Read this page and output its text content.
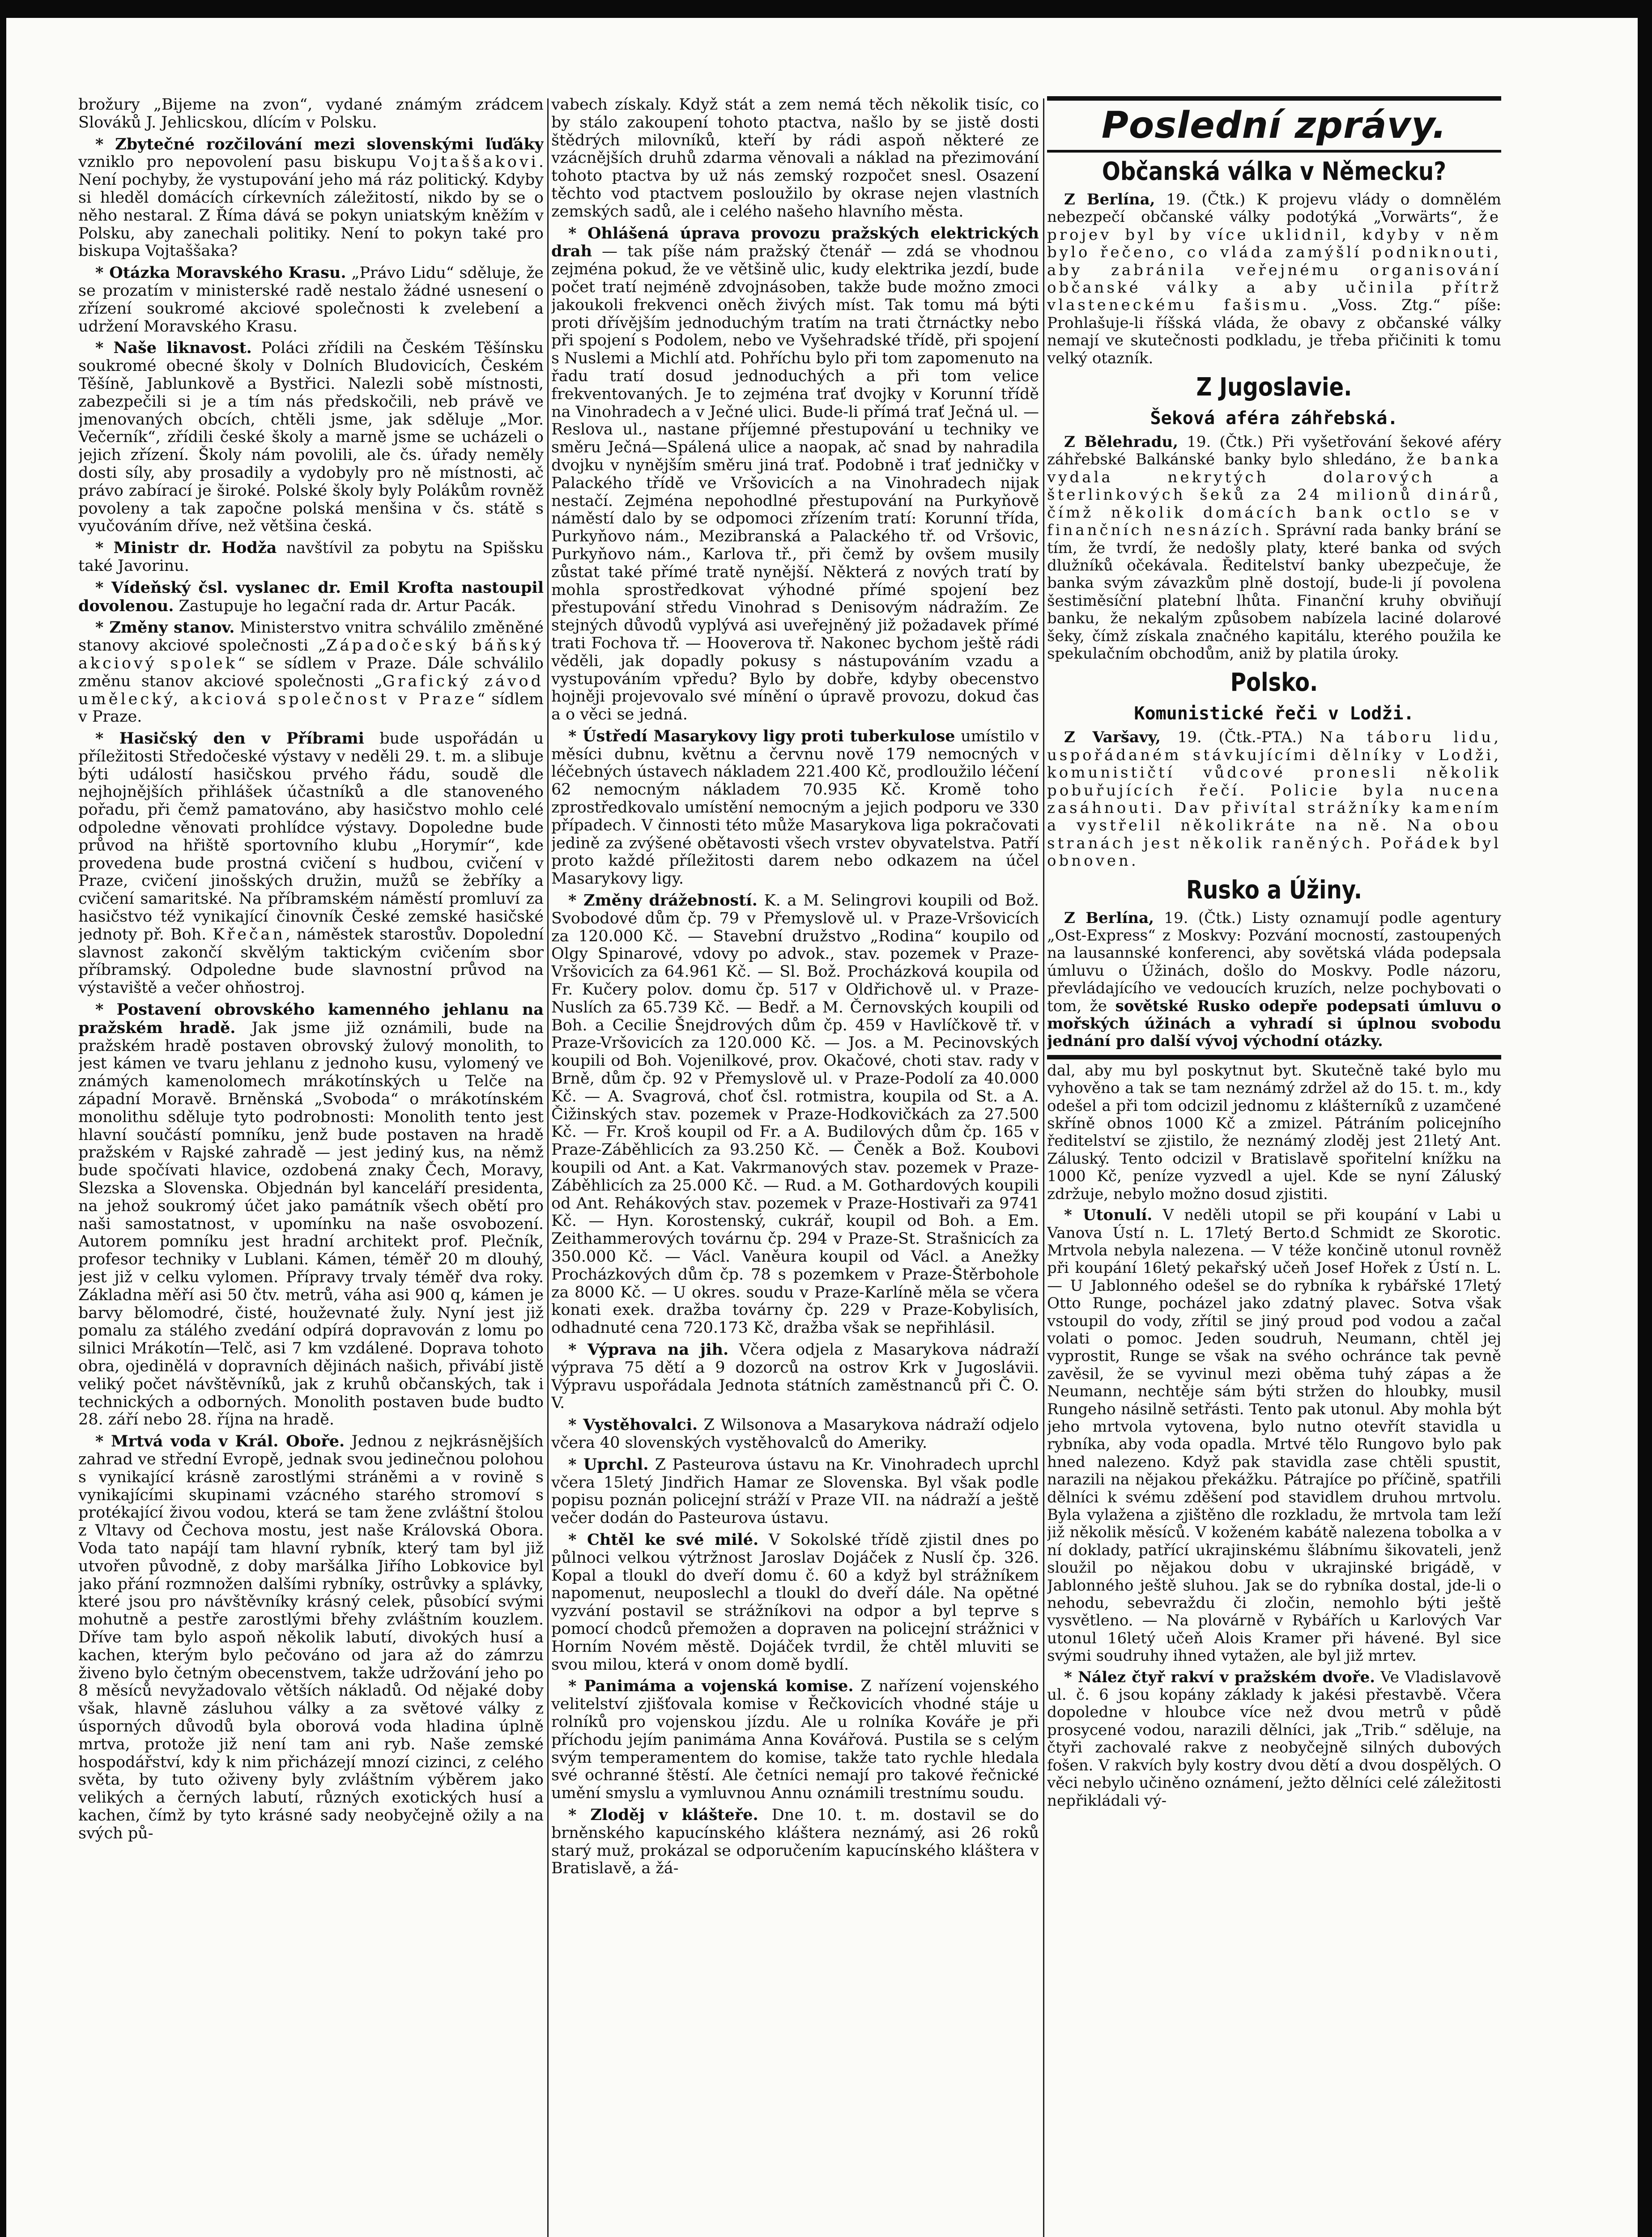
brožury „Bijeme na zvon“, vydané známým zrádcem Slováků J. Jehlicskou, dlícím v Polsku.

* Zbytečné rozčilování mezi slovenskými ľuďáky vzniklo pro nepovolení pasu biskupu Vojtaššakovi. Není pochyby, že vystupování jeho má ráz politický. Kdyby si hleděl domácích církevních záležitostí, nikdo by se o něho nestaral. Z Říma dává se pokyn uniatským kněžím v Polsku, aby zanechali politiky. Není to pokyn také pro biskupa Vojtaššaka?

* Otázka Moravského Krasu. „Právo Lidu“ sděluje, že se prozatím v ministerské radě nestalo žádné usnesení o zřízení soukromé akciové společnosti k zvelebení a udržení Moravského Krasu.

* Naše liknavost. Poláci zřídili na Českém Těšínsku soukromé obecné školy v Dolních Bludovicích, Českém Těšíně, Jablunkově a Bystřici. Nalezli sobě místnosti, zabezpečili si je a tím nás předskočili, neb právě ve jmenovaných obcích, chtěli jsme, jak sděluje „Mor. Večerník“, zřídili české školy a marně jsme se ucházeli o jejich zřízení. Školy nám povolili, ale čs. úřady neměly dosti síly, aby prosadily a vydobyly pro ně místnosti, ač právo zabírací je široké. Polské školy byly Polákům rovněž povoleny a tak započne polská menšina v čs. státě s vyučováním dříve, než většina česká.

* Ministr dr. Hodža navštívil za pobytu na Spišsku také Javorinu.

* Vídeňský čsl. vyslanec dr. Emil Krofta nastoupil dovolenou. Zastupuje ho legační rada dr. Artur Pacák.

* Změny stanov. Ministerstvo vnitra schválilo změněné stanovy akciové společnosti „Západočeský báňský akciový spolek“ se sídlem v Praze. Dále schválilo změnu stanov akciové společnosti „Grafický závod umělecký, akciová společnost v Praze“ sídlem v Praze.

* Hasičský den v Příbrami bude uspořádán u příležitosti Středočeské výstavy v neděli 29. t. m. a slibuje býti událostí hasičskou prvého řádu, soudě dle nejhojnějších přihlášek účastníků a dle stanoveného pořadu, při čemž pamatováno, aby hasičstvo mohlo celé odpoledne věnovati prohlídce výstavy. Dopoledne bude průvod na hřiště sportovního klubu „Horymír“, kde provedena bude prostná cvičení s hudbou, cvičení v Praze, cvičení jinošských družin, mužů se žebříky a cvičení samaritské. Na příbramském náměstí promluví za hasičstvo též vynikající činovník České zemské hasičské jednoty př. Boh. Křečan, náměstek starostův. Dopolední slavnost zakončí skvělým taktickým cvičením sbor příbramský. Odpoledne bude slavnostní průvod na výstaviště a večer ohňostroj.

* Postavení obrovského kamenného jehlanu na pražském hradě. Jak jsme již oznámili, bude na pražském hradě postaven obrovský žulový monolith, to jest kámen ve tvaru jehlanu z jednoho kusu, vylomený ve známých kamenolomech mrákotínských u Telče na západní Moravě. Brněnská „Svoboda“ o mrákotínském monolithu sděluje tyto podrobnosti: Monolith tento jest hlavní součástí pomníku, jenž bude postaven na hradě pražském v Rajské zahradě — jest jediný kus, na němž bude spočívati hlavice, ozdobená znaky Čech, Moravy, Slezska a Slovenska. Objednán byl kanceláří presidenta, na jehož soukromý účet jako památník všech obětí pro naši samostatnost, v upomínku na naše osvobození. Autorem pomníku jest hradní architekt prof. Plečník, profesor techniky v Lublani. Kámen, téměř 20 m dlouhý, jest již v celku vylomen. Přípravy trvaly téměř dva roky. Základna měří asi 50 čtv. metrů, váha asi 900 q, kámen je barvy bělomodré, čisté, houževnaté žuly. Nyní jest již pomalu za stálého zvedání odpírá dopravován z lomu po silnici Mrákotín—Telč, asi 7 km vzdálené. Doprava tohoto obra, ojedinělá v dopravních dějinách našich, přivábí jistě veliký počet návštěvníků, jak z kruhů občanských, tak i technických a odborných. Monolith postaven bude budto 28. září nebo 28. října na hradě.

* Mrtvá voda v Král. Oboře. Jednou z nejkrásnějších zahrad ve střední Evropě, jednak svou jedinečnou polohou s vynikající krásně zarostlými stráněmi a v rovině s vynikajícími skupinami vzácného starého stromoví s protékající živou vodou, která se tam žene zvláštní štolou z Vltavy od Čechova mostu, jest naše Královská Obora. Voda tato napájí tam hlavní rybník, který tam byl již utvořen původně, z doby maršálka Jiřího Lobkovice byl jako přání rozmnožen dalšími rybníky, ostrůvky a splávky, které jsou pro návštěvníky krásný celek, působící svými mohutně a pestře zarostlými břehy zvláštním kouzlem. Dříve tam bylo aspoň několik labutí, divokých husí a kachen, kterým bylo pečováno od jara až do zámrzu živeno bylo četným obecenstvem, takže udržování jeho po 8 měsíců nevyžadovalo větších nákladů. Od nějaké doby však, hlavně zásluhou války a za světové války z úsporných důvodů byla oborová voda hladina úplně mrtva, protože již není tam ani ryb. Naše zemské hospodářství, kdy k nim přicházejí mnozí cizinci, z celého světa, by tuto oživeny byly zvláštním výběrem jako velikých a černých labutí, různých exotických husí a kachen, čímž by tyto krásné sady neobyčejně ožily a na svých pů-

vabech získaly. Když stát a zem nemá těch několik tisíc, co by stálo zakoupení tohoto ptactva, našlo by se jistě dosti štědrých milovníků, kteří by rádi aspoň některé ze vzácnějších druhů zdarma věnovali a náklad na přezimování tohoto ptactva by už nás zemský rozpočet snesl. Osazení těchto vod ptactvem posloužilo by okrase nejen vlastních zemských sadů, ale i celého našeho hlavního města.

* Ohlášená úprava provozu pražských elektrických drah — tak píše nám pražský čtenář — zdá se vhodnou zejména pokud, že ve většině ulic, kudy elektrika jezdí, bude počet tratí nejméně zdvojnásoben, takže bude možno zmoci jakoukoli frekvenci oněch živých míst. Tak tomu má býti proti dřívějším jednoduchým tratím na trati čtrnáctky nebo při spojení s Podolem, nebo ve Vyšehradské třídě, při spojení s Nuslemi a Michlí atd. Pohříchu bylo při tom zapomenuto na řadu tratí dosud jednoduchých a při tom velice frekventovaných. Je to zejména trať dvojky v Korunní třídě na Vinohradech a v Ječné ulici. Bude-li přímá trať Ječná ul. — Reslova ul., nastane příjemné přestupování u techniky ve směru Ječná—Spálená ulice a naopak, ač snad by nahradila dvojku v nynějším směru jiná trať. Podobně i trať jedničky v Palackého třídě ve Vršovicích a na Vinohradech nijak nestačí. Zejména nepohodlné přestupování na Purkyňově náměstí dalo by se odpomoci zřízením tratí: Korunní třída, Purkyňovo nám., Mezibranská a Palackého tř. od Vršovic, Purkyňovo nám., Karlova tř., při čemž by ovšem musily zůstat také přímé tratě nynější. Některá z nových tratí by mohla sprostředkovat výhodné přímé spojení bez přestupování středu Vinohrad s Denisovým nádražím. Ze stejných důvodů vyplývá asi uveřejněný již požadavek přímé trati Fochova tř. — Hooverova tř. Nakonec bychom ještě rádi věděli, jak dopadly pokusy s nástupováním vzadu a vystupováním vpředu? Bylo by dobře, kdyby obecenstvo hojněji projevovalo své mínění o úpravě provozu, dokud čas a o věci se jedná.

* Ústředí Masarykovy ligy proti tuberkulose umístilo v měsíci dubnu, květnu a červnu nově 179 nemocných v léčebných ústavech nákladem 221.400 Kč, prodloužilo léčení 62 nemocným nákladem 70.935 Kč. Kromě toho zprostředkovalo umístění nemocným a jejich podporu ve 330 případech. V činnosti této může Masarykova liga pokračovati jedině za zvýšené obětavosti všech vrstev obyvatelstva. Patří proto každé příležitosti darem nebo odkazem na účel Masarykovy ligy.

* Změny drážebností. K. a M. Selingrovi koupili od Bož. Svobodové dům čp. 79 v Přemyslově ul. v Praze-Vršovicích za 120.000 Kč. — Stavební družstvo „Rodina“ koupilo od Olgy Spinarové, vdovy po advok., stav. pozemek v Praze-Vršovicích za 64.961 Kč. — Sl. Bož. Procházková koupila od Fr. Kučery polov. domu čp. 517 v Oldřichově ul. v Praze-Nuslích za 65.739 Kč. — Bedř. a M. Černovských koupili od Boh. a Cecilie Šnejdrových dům čp. 459 v Havlíčkově tř. v Praze-Vršovicích za 120.000 Kč. — Jos. a M. Pecinovských koupili od Boh. Vojenilkové, prov. Okačové, choti stav. rady v Brně, dům čp. 92 v Přemyslově ul. v Praze-Podolí za 40.000 Kč. — A. Svagrová, choť čsl. rotmistra, koupila od St. a A. Čižinských stav. pozemek v Praze-Hodkovičkách za 27.500 Kč. — Fr. Kroš koupil od Fr. a A. Budilových dům čp. 165 v Praze-Záběhlicích za 93.250 Kč. — Čeněk a Bož. Koubovi koupili od Ant. a Kat. Vakrmanových stav. pozemek v Praze-Záběhlicích za 25.000 Kč. — Rud. a M. Gothardových koupili od Ant. Rehákových stav. pozemek v Praze-Hostivaři za 9741 Kč. — Hyn. Korostenský, cukrář, koupil od Boh. a Em. Zeithammerových továrnu čp. 294 v Praze-St. Strašnicích za 350.000 Kč. — Václ. Vaněura koupil od Václ. a Anežky Procházkových dům čp. 78 s pozemkem v Praze-Štěrbohole za 8000 Kč. — U okres. soudu v Praze-Karlíně měla se včera konati exek. dražba továrny čp. 229 v Praze-Kobylisích, odhadnuté cena 720.173 Kč, dražba však se nepřihlásil.

* Výprava na jih. Včera odjela z Masarykova nádraží výprava 75 dětí a 9 dozorců na ostrov Krk v Jugoslávii. Výpravu uspořádala Jednota státních zaměstnanců při Č. O. V.

* Vystěhovalci. Z Wilsonova a Masarykova nádraží odjelo včera 40 slovenských vystěhovalců do Ameriky.

* Uprchl. Z Pasteurova ústavu na Kr. Vinohradech uprchl včera 15letý Jindřich Hamar ze Slovenska. Byl však podle popisu poznán policejní stráží v Praze VII. na nádraží a ještě večer dodán do Pasteurova ústavu.

* Chtěl ke své milé. V Sokolské třídě zjistil dnes po půlnoci velkou výtržnost Jaroslav Dojáček z Nuslí čp. 326. Kopal a tloukl do dveří domu č. 60 a když byl strážníkem napomenut, neuposlechl a tloukl do dveří dále. Na opětné vyzvání postavil se strážníkovi na odpor a byl teprve s pomocí chodců přemožen a dopraven na policejní strážnici v Horním Novém městě. Dojáček tvrdil, že chtěl mluviti se svou milou, která v onom domě bydlí.

* Panimáma a vojenská komise. Z nařízení vojenského velitelství zjišťovala komise v Řečkovicích vhodné stáje u rolníků pro vojenskou jízdu. Ale u rolníka Kováře je při příchodu jejím panimáma Anna Kovářová. Pustila se s celým svým temperamentem do komise, takže tato rychle hledala své ochranné štěstí. Ale četníci nemají pro takové řečnické umění smyslu a vymluvnou Annu oznámili trestnímu soudu.

* Zloděj v klášteře. Dne 10. t. m. dostavil se do brněnského kapucínského kláštera neznámý, asi 26 roků starý muž, prokázal se odporučením kapucínského kláštera v Bratislavě, a žá-

Poslední zprávy.
Občanská válka v Německu?

Z Berlína, 19. (Čtk.) K projevu vlády o domnělém nebezpečí občanské války podotýká „Vorwärts“, že projev byl by více uklidnil, kdyby v něm bylo řečeno, co vláda zamýšlí podniknouti, aby zabránila veřejnému organisování občanské války a aby učinila přítrž vlasteneckému fašismu. „Voss. Ztg.“ píše: Prohlašuje-li říšská vláda, že obavy z občanské války nemají ve skutečnosti podkladu, je třeba přičiniti k tomu velký otazník.

Z Jugoslavie.
Šeková aféra záhřebská.

Z Bělehradu, 19. (Čtk.) Při vyšetřování šekové aféry záhřebské Balkánské banky bylo shledáno, že banka vydala nekrytých dolarových a šterlinkových šeků za 24 milionů dinárů, čímž několik domácích bank octlo se v finančních nesnázích. Správní rada banky brání se tím, že tvrdí, že nedošly platy, které banka od svých dlužníků očekávala. Ředitelství banky ubezpečuje, že banka svým závazkům plně dostojí, bude-li jí povolena šestiměsíční platební lhůta. Finanční kruhy obviňují banku, že nekalým způsobem nabízela laciné dolarové šeky, čímž získala značného kapitálu, kterého použila ke spekulačním obchodům, aniž by platila úroky.

Polsko.
Komunistické řeči v Lodži.

Z Varšavy, 19. (Čtk.-PTA.) Na táboru lidu, uspořádaném stávkujícími dělníky v Lodži, komunističtí vůdcové pronesli několik pobuřujících řečí. Policie byla nucena zasáhnouti. Dav přivítal strážníky kamením a vystřelil několikráte na ně. Na obou stranách jest několik raněných. Pořádek byl obnoven.

Rusko a Úžiny.

Z Berlína, 19. (Čtk.) Listy oznamují podle agentury „Ost-Express“ z Moskvy: Pozvání mocností, zastoupených na lausannské konferenci, aby sovětská vláda podepsala úmluvu o Úžinách, došlo do Moskvy. Podle názoru, převládajícího ve vedoucích kruzích, nelze pochybovati o tom, že sovětské Rusko odepře podepsati úmluvu o mořských úžinách a vyhradí si úplnou svobodu jednání pro další vývoj východní otázky.

dal, aby mu byl poskytnut byt. Skutečně také bylo mu vyhověno a tak se tam neznámý zdržel až do 15. t. m., kdy odešel a při tom odcizil jednomu z klášterníků z uzamčené skříně obnos 1000 Kč a zmizel. Pátráním policejního ředitelství se zjistilo, že neznámý zloděj jest 21letý Ant. Záluský. Tento odcizil v Bratislavě spořitelní knížku na 1000 Kč, peníze vyzvedl a ujel. Kde se nyní Záluský zdržuje, nebylo možno dosud zjistiti.

* Utonulí. V neděli utopil se při koupání v Labi u Vanova Ústí n. L. 17letý Berto.d Schmidt ze Skorotic. Mrtvola nebyla nalezena. — V téže končině utonul rovněž při koupání 16letý pekařský učeň Josef Hořek z Ústí n. L. — U Jablonného odešel se do rybníka k rybářské 17letý Otto Runge, pocházel jako zdatný plavec. Sotva však vstoupil do vody, zřítil se jiný proud pod vodou a začal volati o pomoc. Jeden soudruh, Neumann, chtěl jej vyprostit, Runge se však na svého ochránce tak pevně zavěsil, že se vyvinul mezi oběma tuhý zápas a že Neumann, nechtěje sám býti stržen do hloubky, musil Rungeho násilně setřásti. Tento pak utonul. Aby mohla být jeho mrtvola vytovena, bylo nutno otevřít stavidla u rybníka, aby voda opadla. Mrtvé tělo Rungovo bylo pak hned nalezeno. Když pak stavidla zase chtěli spustit, narazili na nějakou překážku. Pátrajíce po příčině, spatřili dělníci k svému zděšení pod stavidlem druhou mrtvolu. Byla vylažena a zjištěno dle rozkladu, že mrtvola tam leží již několik měsíců. V koženém kabátě nalezena tobolka a v ní doklady, patřící ukrajinskému šlábnímu šikovateli, jenž sloužil po nějakou dobu v ukrajinské brigádě, v Jablonného ještě sluhou. Jak se do rybníka dostal, jde-li o nehodu, sebevraždu či zločin, nemohlo býti ještě vysvětleno. — Na plovárně v Rybářích u Karlových Var utonul 16letý učeň Alois Kramer při hávené. Byl sice svými soudruhy ihned vytažen, ale byl již mrtev.

* Nález čtyř rakví v pražském dvoře. Ve Vladislavově ul. č. 6 jsou kopány základy k jakési přestavbě. Včera dopoledne v hloubce více než dvou metrů v půdě prosycené vodou, narazili dělníci, jak „Trib.“ sděluje, na čtyři zachovalé rakve z neobyčejně silných dubových fošen. V rakvích byly kostry dvou dětí a dvou dospělých. O věci nebylo učiněno oznámení, ježto dělníci celé záležitosti nepřikládali vý-
